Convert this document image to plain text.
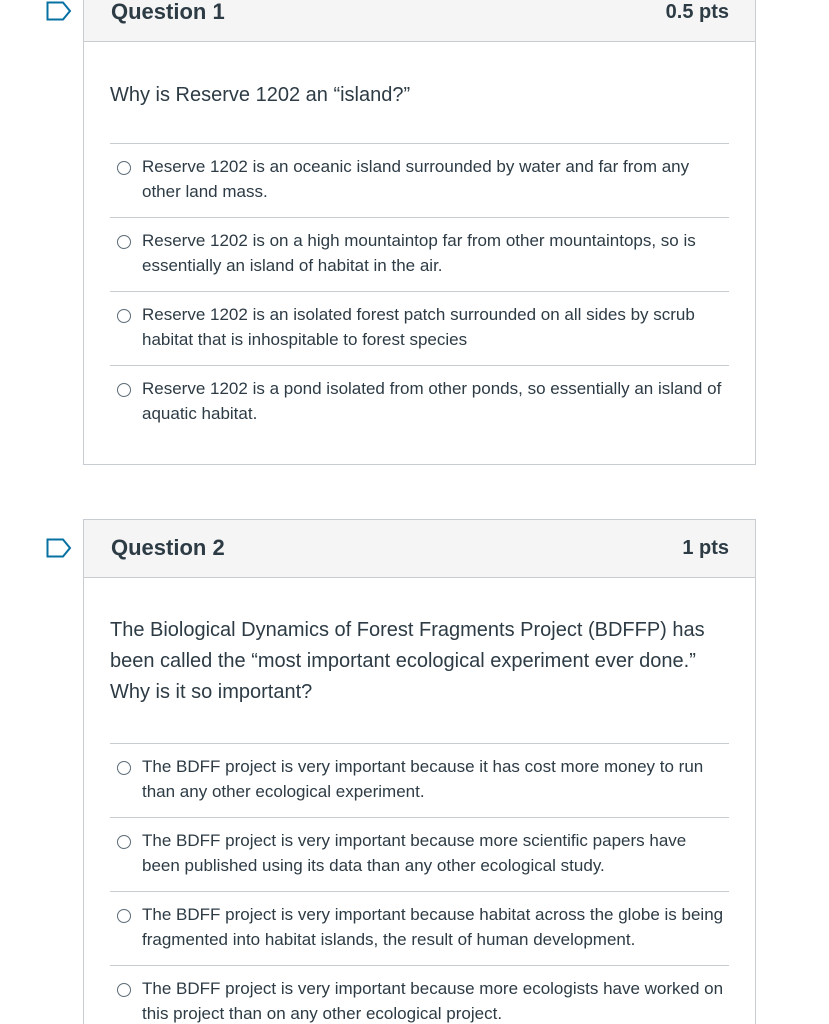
Question 1	0.5 pts

Why is Reserve 1202 an “island?”

Reserve 1202 is an oceanic island surrounded by water and far from any other land mass.
Reserve 1202 is on a high mountaintop far from other mountaintops, so is essentially an island of habitat in the air.
Reserve 1202 is an isolated forest patch surrounded on all sides by scrub habitat that is inhospitable to forest species
Reserve 1202 is a pond isolated from other ponds, so essentially an island of aquatic habitat.
Question 2	1 pts

The Biological Dynamics of Forest Fragments Project (BDFFP) has been called the “most important ecological experiment ever done.” Why is it so important?

The BDFF project is very important because it has cost more money to run than any other ecological experiment.
The BDFF project is very important because more scientific papers have been published using its data than any other ecological study.
The BDFF project is very important because habitat across the globe is being fragmented into habitat islands, the result of human development.
The BDFF project is very important because more ecologists have worked on this project than on any other ecological project.
